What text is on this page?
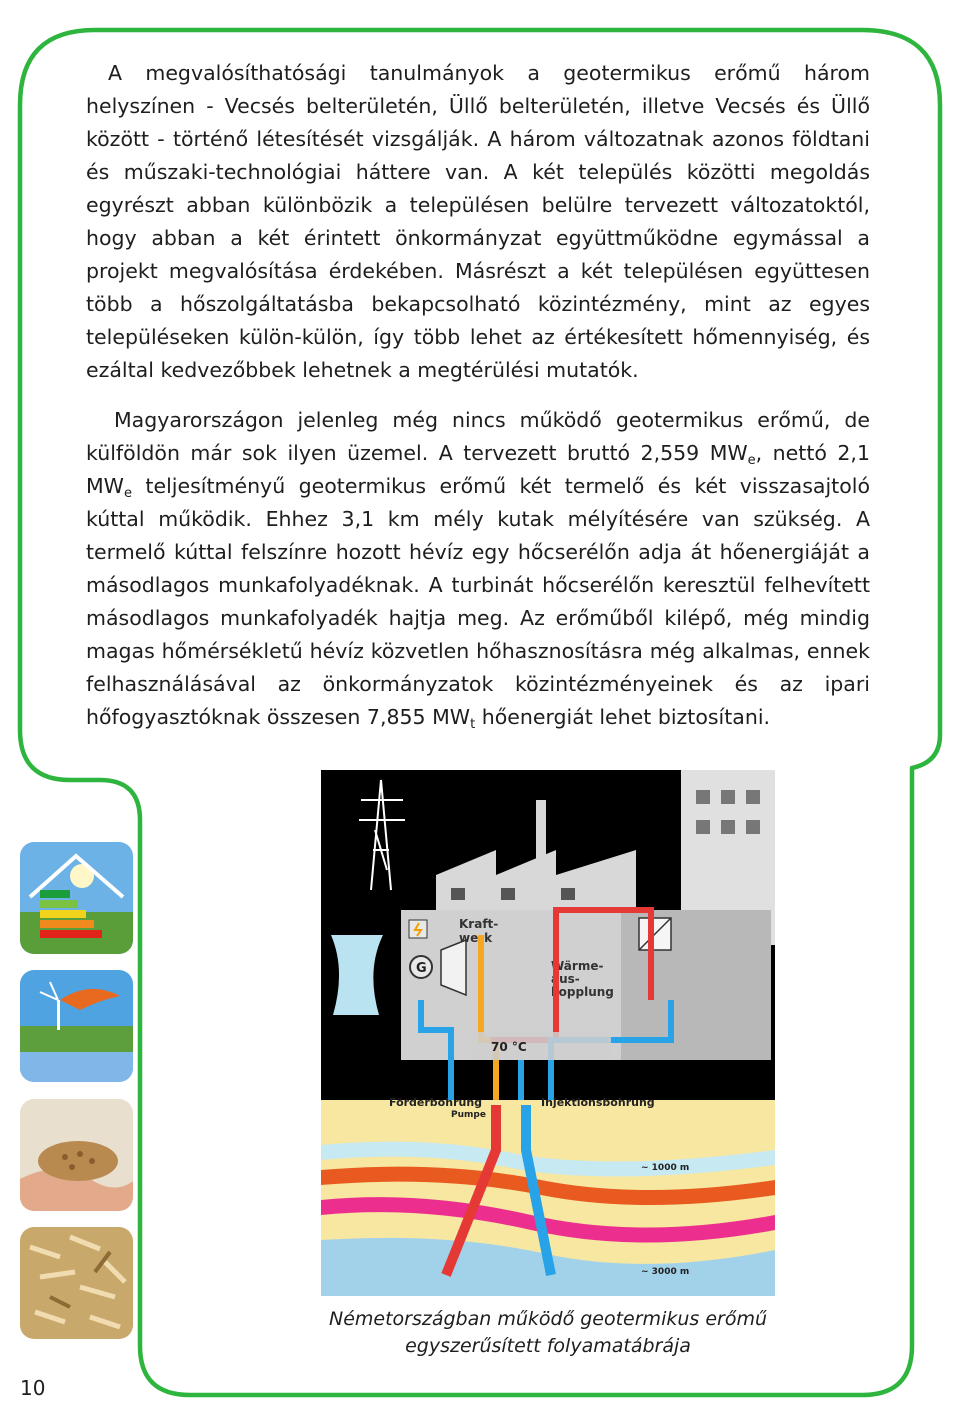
A megvalósíthatósági tanulmányok a geotermikus erőmű három helyszínen - Vecsés belterületén, Üllő belterületén, illetve Vecsés és Üllő között - történő létesítését vizsgálják. A három változatnak azonos földtani és műszaki-technológiai háttere van. A két település közötti megoldás egyrészt abban különbözik a településen belülre tervezett változatoktól, hogy abban a két érintett önkormányzat együttműködne egymással a projekt megvalósítása érdekében. Másrészt a két településen együttesen több a hőszolgáltatásba bekapcsolható közintézmény, mint az egyes településeken külön-külön, így több lehet az értékesített hőmennyiség, és ezáltal kedvezőbbek lehetnek a megtérülési mutatók.

Magyarországon jelenleg még nincs működő geotermikus erőmű, de külföldön már sok ilyen üzemel. A tervezett bruttó 2,559 $MW_e$, nettó 2,1 $MW_e$ teljesítményű geotermikus erőmű két termelő és két visszasajtoló kúttal működik. Ehhez 3,1 km mély kutak mélyítésére van szükség. A termelő kúttal felszínre hozott hévíz egy hőcserélőn adja át hőenergiáját a másodlagos munkafolyadéknak. A turbinát hőcserélőn keresztül felhevített másodlagos munkafolyadék hajtja meg. Az erőműből kilépő, még mindig magas hőmérsékletű hévíz közvetlen hőhasznosításra még alkalmas, ennek felhasználásával az önkormányzatok közintézményeinek és az ipari hőfogyasztóknak összesen 7,855 $MW_t$ hőenergiát lehet biztosítani.

G
Kraft-
werk
Wärme-
aus-
kopplung
70 °C
Förderbohrung
Pumpe
Injektionsbohrung
~ 1000 m
~ 3000 m

Németországban működő geotermikus erőmű
egyszerűsített folyamatábrája

10
